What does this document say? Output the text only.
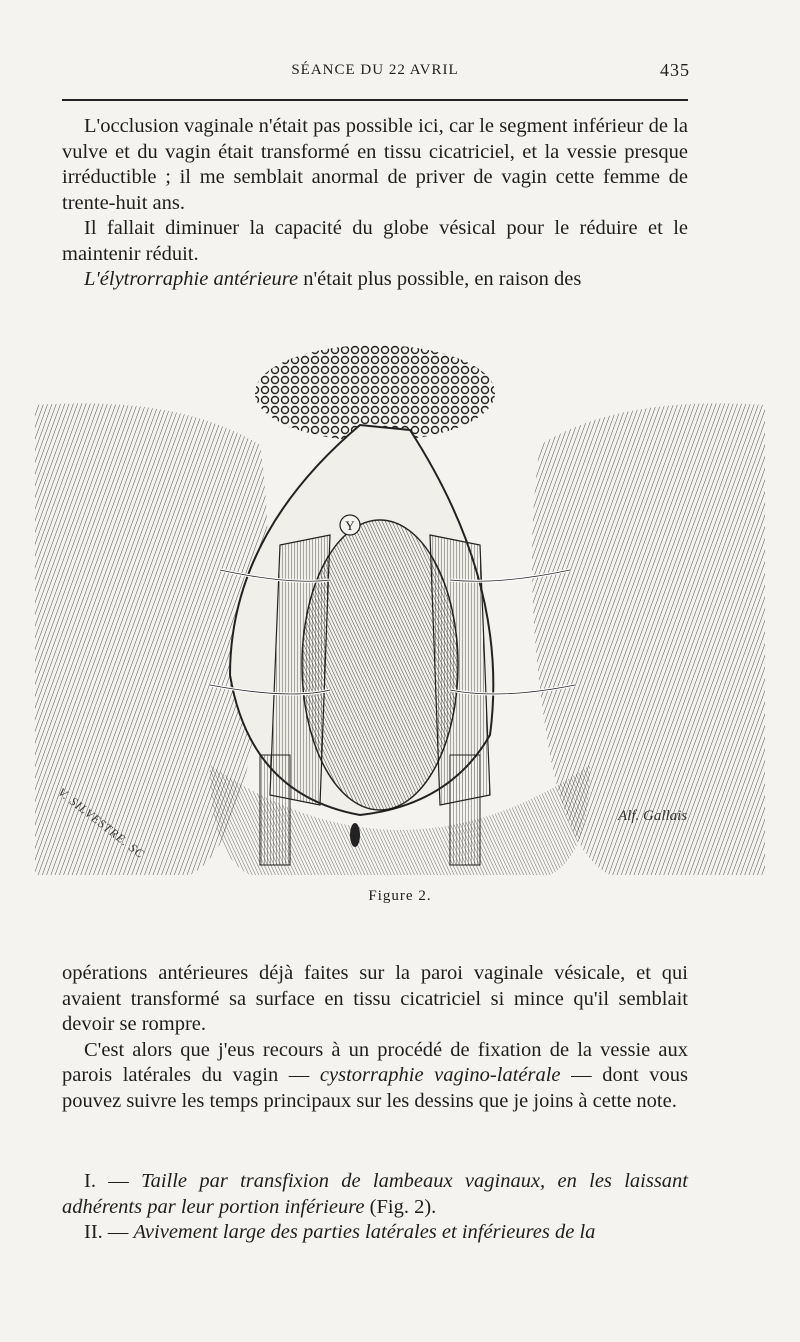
SÉANCE DU 22 AVRIL	435

L'occlusion vaginale n'était pas possible ici, car le segment inférieur de la vulve et du vagin était transformé en tissu cicatriciel, et la vessie presque irréductible ; il me semblait anormal de priver de vagin cette femme de trente-huit ans.

Il fallait diminuer la capacité du globe vésical pour le réduire et le maintenir réduit.

L'élytrorraphie antérieure n'était plus possible, en raison des

Y
V. SILVESTRE. SC	Alf. Gallais
Figure 2.

opérations antérieures déjà faites sur la paroi vaginale vésicale, et qui avaient transformé sa surface en tissu cicatriciel si mince qu'il semblait devoir se rompre.

C'est alors que j'eus recours à un procédé de fixation de la vessie aux parois latérales du vagin — cystorraphie vagino-latérale — dont vous pouvez suivre les temps principaux sur les dessins que je joins à cette note.

I. — Taille par transfixion de lambeaux vaginaux, en les laissant adhérents par leur portion inférieure (Fig. 2).

II. — Avivement large des parties latérales et inférieures de la
